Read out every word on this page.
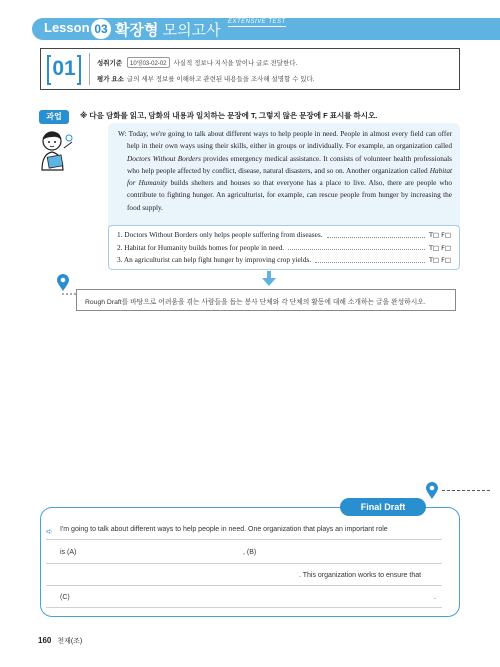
Lesson 03 확장형 모의고사 EXTENSIVE TEST
01	성취기준	10영03-02-02	사실적 정보나 지식을 말이나 글로 전달한다.
평가 요소 글의 세부 정보를 이해하고 관련된 내용들을 조사해 설명할 수 있다.
과업	※ 다음 담화를 읽고, 담화의 내용과 일치하는 문장에 T, 그렇지 않은 문장에 F 표시를 하시오.

W: Today, we're going to talk about different ways to help people in need. People in almost every field can offer help in their own ways using their skills, either in groups or individually. For example, an organization called Doctors Without Borders provides emergency medical assistance. It consists of volunteer health professionals who help people affected by conflict, disease, natural disasters, and so on. Another organization called Habitat for Humanity builds shelters and houses so that everyone has a place to live. Also, there are people who contribute to fighting hunger. An agriculturist, for example, can rescue people from hunger by increasing the food supply.

1. Doctors Without Borders only helps people suffering from diseases.	T□ F□
2. Habitat for Humanity builds homes for people in need.	T□ F□
3. An agriculturist can help fight hunger by improving crop yields.	T□ F□
Rough Draft를 바탕으로 어려움을 겪는 사람들을 돕는 봉사 단체와 각 단체의 활동에 대해 소개하는 글을 완성하시오.
Final Draft
➪ I'm going to talk about different ways to help people in need. One organization that plays an important role
is (A)	, (B)
. This organization works to ensure that
(C)	.
160 천재(조)
